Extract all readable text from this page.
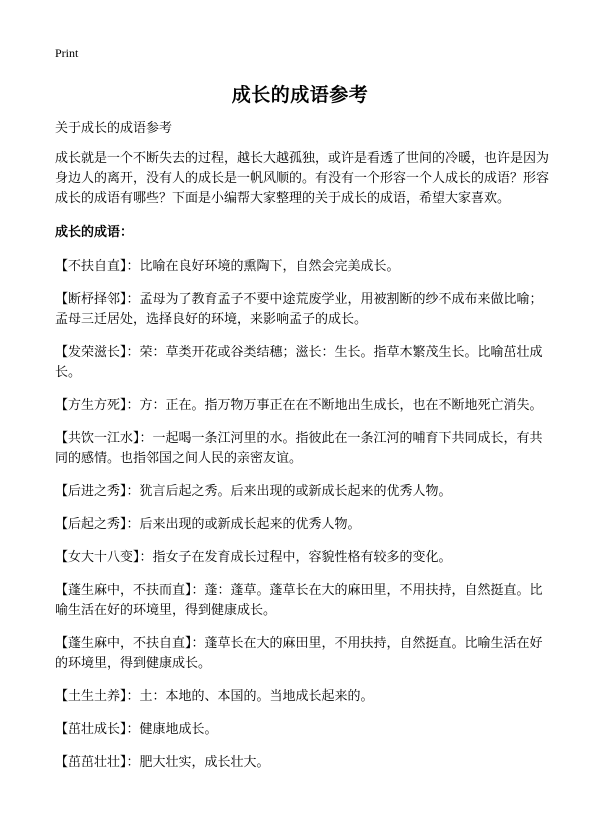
Print
成长的成语参考

关于成长的成语参考

成长就是一个不断失去的过程，越长大越孤独，或许是看透了世间的冷暖，也许是因为身边人的离开，没有人的成长是一帆风顺的。有没有一个形容一个人成长的成语？形容成长的成语有哪些？下面是小编帮大家整理的关于成长的成语，希望大家喜欢。

成长的成语：

【不扶自直】：比喻在良好环境的熏陶下，自然会完美成长。

【断杼择邻】：孟母为了教育孟子不要中途荒废学业，用被割断的纱不成布来做比喻；孟母三迁居处，选择良好的环境，来影响孟子的成长。

【发荣滋长】：荣：草类开花或谷类结穗；滋长：生长。指草木繁茂生长。比喻茁壮成长。

【方生方死】：方：正在。指万物万事正在在不断地出生成长，也在不断地死亡消失。

【共饮一江水】：一起喝一条江河里的水。指彼此在一条江河的哺育下共同成长，有共同的感情。也指邻国之间人民的亲密友谊。

【后进之秀】：犹言后起之秀。后来出现的或新成长起来的优秀人物。

【后起之秀】：后来出现的或新成长起来的优秀人物。

【女大十八变】：指女子在发育成长过程中，容貌性格有较多的变化。

【蓬生麻中，不扶而直】：蓬：蓬草。蓬草长在大的麻田里，不用扶持，自然挺直。比喻生活在好的环境里，得到健康成长。

【蓬生麻中，不扶自直】：蓬草长在大的麻田里，不用扶持，自然挺直。比喻生活在好的环境里，得到健康成长。

【土生土养】：土：本地的、本国的。当地成长起来的。

【茁壮成长】：健康地成长。

【茁茁壮壮】：肥大壮实，成长壮大。
